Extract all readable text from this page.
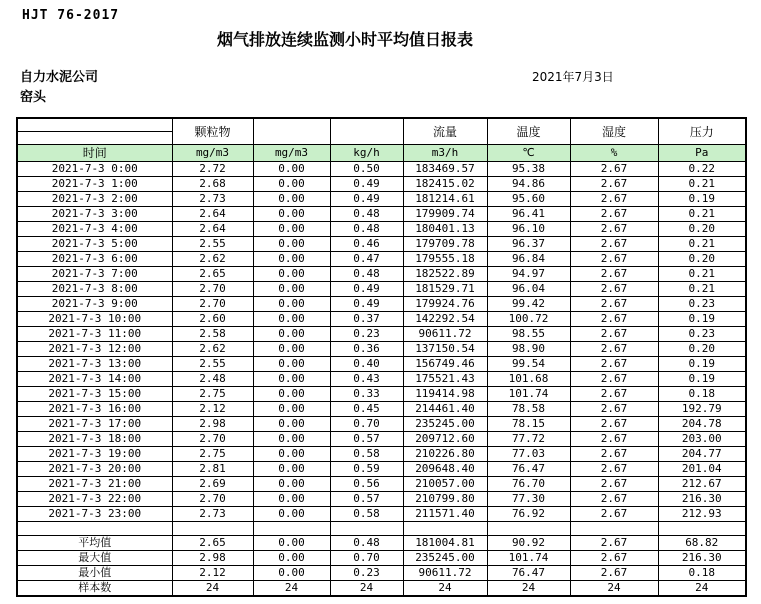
HJT 76-2017
烟气排放连续监测小时平均值日报表
自力水泥公司
窑头
2021年7月3日
	颗粒物			流量	温度	湿度	压力

时间	mg/m3	mg/m3	kg/h	m3/h	℃	%	Pa
2021-7-3 0:00	2.72	0.00	0.50	183469.57	95.38	2.67	0.22
2021-7-3 1:00	2.68	0.00	0.49	182415.02	94.86	2.67	0.21
2021-7-3 2:00	2.73	0.00	0.49	181214.61	95.60	2.67	0.19
2021-7-3 3:00	2.64	0.00	0.48	179909.74	96.41	2.67	0.21
2021-7-3 4:00	2.64	0.00	0.48	180401.13	96.10	2.67	0.20
2021-7-3 5:00	2.55	0.00	0.46	179709.78	96.37	2.67	0.21
2021-7-3 6:00	2.62	0.00	0.47	179555.18	96.84	2.67	0.20
2021-7-3 7:00	2.65	0.00	0.48	182522.89	94.97	2.67	0.21
2021-7-3 8:00	2.70	0.00	0.49	181529.71	96.04	2.67	0.21
2021-7-3 9:00	2.70	0.00	0.49	179924.76	99.42	2.67	0.23
2021-7-3 10:00	2.60	0.00	0.37	142292.54	100.72	2.67	0.19
2021-7-3 11:00	2.58	0.00	0.23	90611.72	98.55	2.67	0.23
2021-7-3 12:00	2.62	0.00	0.36	137150.54	98.90	2.67	0.20
2021-7-3 13:00	2.55	0.00	0.40	156749.46	99.54	2.67	0.19
2021-7-3 14:00	2.48	0.00	0.43	175521.43	101.68	2.67	0.19
2021-7-3 15:00	2.75	0.00	0.33	119414.98	101.74	2.67	0.18
2021-7-3 16:00	2.12	0.00	0.45	214461.40	78.58	2.67	192.79
2021-7-3 17:00	2.98	0.00	0.70	235245.00	78.15	2.67	204.78
2021-7-3 18:00	2.70	0.00	0.57	209712.60	77.72	2.67	203.00
2021-7-3 19:00	2.75	0.00	0.58	210226.80	77.03	2.67	204.77
2021-7-3 20:00	2.81	0.00	0.59	209648.40	76.47	2.67	201.04
2021-7-3 21:00	2.69	0.00	0.56	210057.00	76.70	2.67	212.67
2021-7-3 22:00	2.70	0.00	0.57	210799.80	77.30	2.67	216.30
2021-7-3 23:00	2.73	0.00	0.58	211571.40	76.92	2.67	212.93

平均值	2.65	0.00	0.48	181004.81	90.92	2.67	68.82
最大值	2.98	0.00	0.70	235245.00	101.74	2.67	216.30
最小值	2.12	0.00	0.23	90611.72	76.47	2.67	0.18
样本数	24	24	24	24	24	24	24
